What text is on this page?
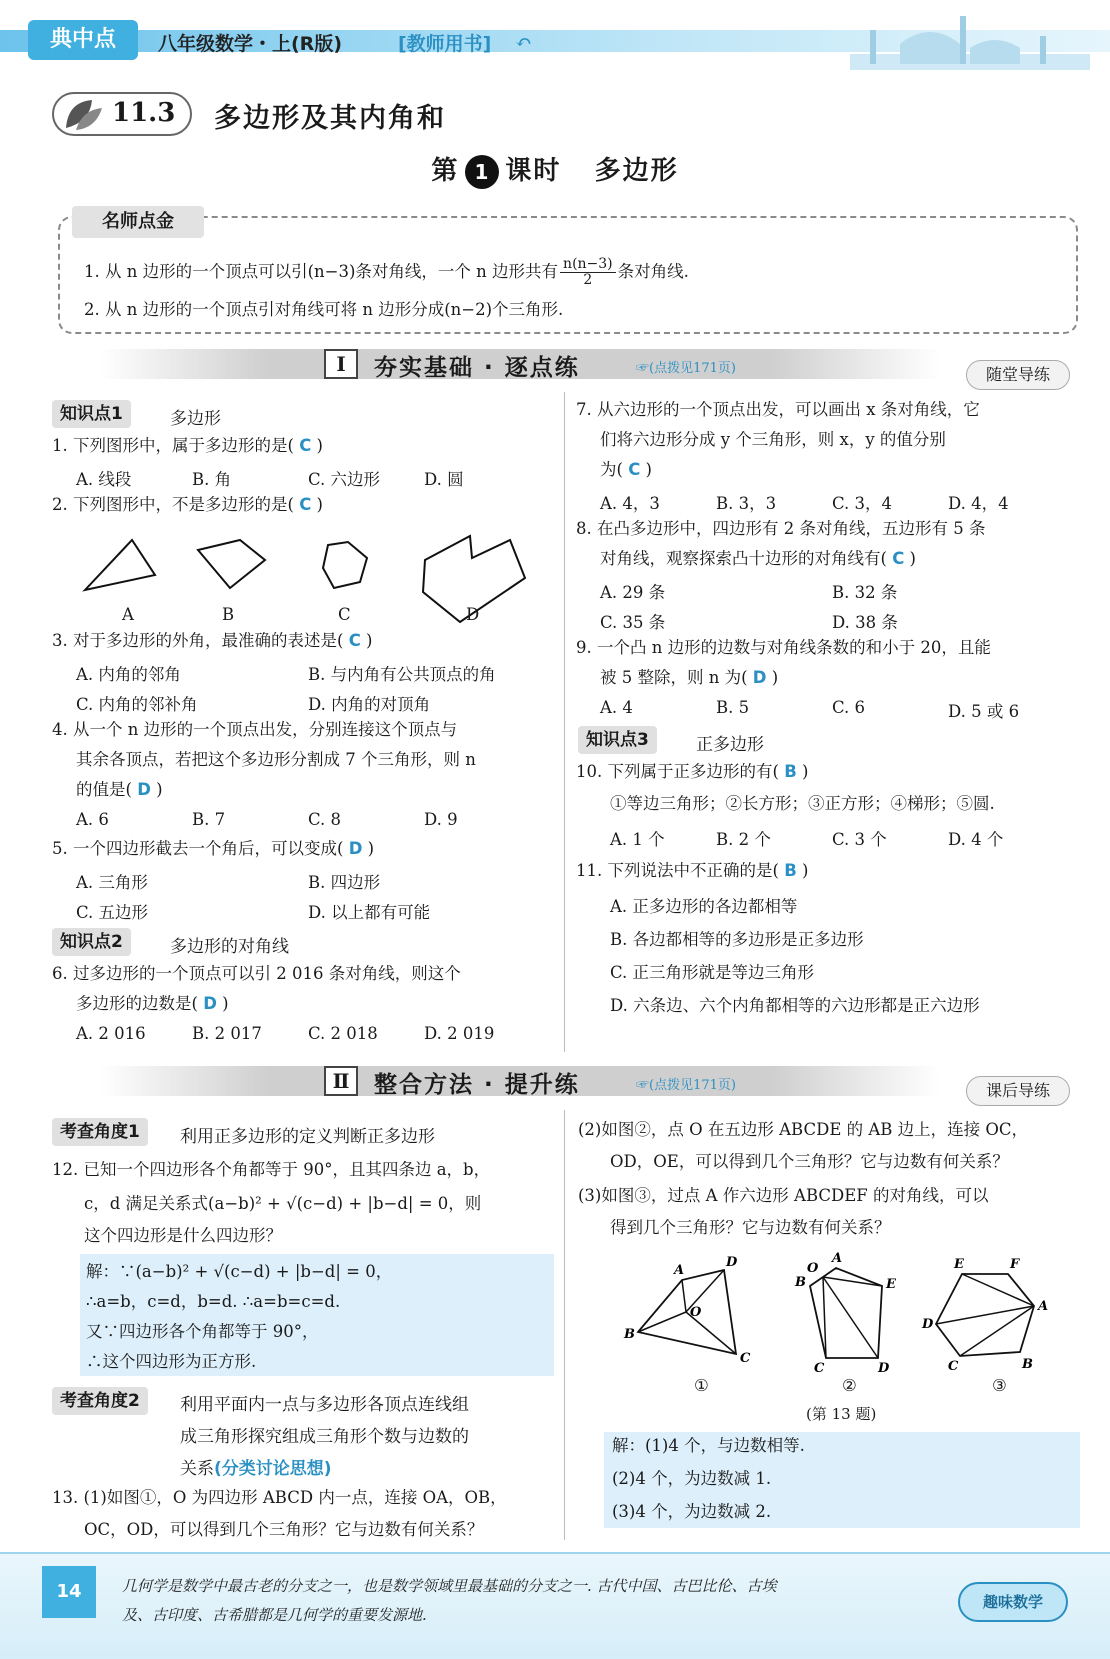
典中点	八年级数学・上(R版)	[教师用书] ↶
11.3 多边形及其内角和
第 1 课时 多边形
名师点金
1. 从 n 边形的一个顶点可以引(n−3)条对角线，一个 n 边形共有 $\frac{n(n-3)}{2}$ 条对角线.
2. 从 n 边形的一个顶点引对角线可将 n 边形分成(n−2)个三角形.
Ⅰ	夯实基础 · 逐点练	☞(点拨见171页)	随堂导练
知识点1	多边形
1. 下列图形中，属于多边形的是( C )
A. 线段	B. 角	C. 六边形	D. 圆
2. 下列图形中，不是多边形的是( C )
A	B	C	D
3. 对于多边形的外角，最准确的表述是( C )
A. 内角的邻角	B. 与内角有公共顶点的角
C. 内角的邻补角	D. 内角的对顶角
4. 从一个 n 边形的一个顶点出发，分别连接这个顶点与
其余各顶点，若把这个多边形分割成 7 个三角形，则 n
的值是( D )
A. 6	B. 7	C. 8	D. 9
5. 一个四边形截去一个角后，可以变成( D )
A. 三角形	B. 四边形
C. 五边形	D. 以上都有可能
知识点2	多边形的对角线
6. 过多边形的一个顶点可以引 2 016 条对角线，则这个
多边形的边数是( D )
A. 2 016	B. 2 017	C. 2 018	D. 2 019
7. 从六边形的一个顶点出发，可以画出 x 条对角线，它
们将六边形分成 y 个三角形，则 x，y 的值分别
为( C )
A. 4，3	B. 3，3	C. 3，4	D. 4，4
8. 在凸多边形中，四边形有 2 条对角线，五边形有 5 条
对角线，观察探索凸十边形的对角线有( C )
A. 29 条	B. 32 条
C. 35 条	D. 38 条
9. 一个凸 n 边形的边数与对角线条数的和小于 20，且能
被 5 整除，则 n 为( D )
A. 4	B. 5	C. 6	D. 5 或 6
知识点3	正多边形
10. 下列属于正多边形的有( B )
①等边三角形；②长方形；③正方形；④梯形；⑤圆.
A. 1 个	B. 2 个	C. 3 个	D. 4 个
11. 下列说法中不正确的是( B )
A. 正多边形的各边都相等
B. 各边都相等的多边形是正多边形
C. 正三角形就是等边三角形
D. 六条边、六个内角都相等的六边形都是正六边形
Ⅱ	整合方法 · 提升练	☞(点拨见171页)	课后导练
考查角度1	利用正多边形的定义判断正多边形
12. 已知一个四边形各个角都等于 90°，且其四条边 a，b，
c，d 满足关系式(a−b)² + √(c−d) + |b−d| = 0，则
这个四边形是什么四边形？
解：∵(a−b)² + √(c−d) + |b−d| = 0，
∴a=b，c=d，b=d. ∴a=b=c=d.
又∵四边形各个角都等于 90°，
∴这个四边形为正方形.
考查角度2	利用平面内一点与多边形各顶点连线组
成三角形探究组成三角形个数与边数的
关系(分类讨论思想)
13. (1)如图①，O 为四边形 ABCD 内一点，连接 OA，OB，
OC，OD，可以得到几个三角形？它与边数有何关系？
(2)如图②，点 O 在五边形 ABCDE 的 AB 边上，连接 OC，
OD，OE，可以得到几个三角形？它与边数有何关系？
(3)如图③，过点 A 作六边形 ABCDEF 的对角线，可以
得到几个三角形？它与边数有何关系？
B
A
D
C
O
B
O
A
E
C	D
E	F
A
B
C
D
①	②	③
(第 13 题)
解：(1)4 个，与边数相等.
(2)4 个，为边数减 1.
(3)4 个，为边数减 2.
14	几何学是数学中最古老的分支之一，也是数学领域里最基础的分支之一. 古代中国、古巴比伦、古埃
及、古印度、古希腊都是几何学的重要发源地.
趣味数学
